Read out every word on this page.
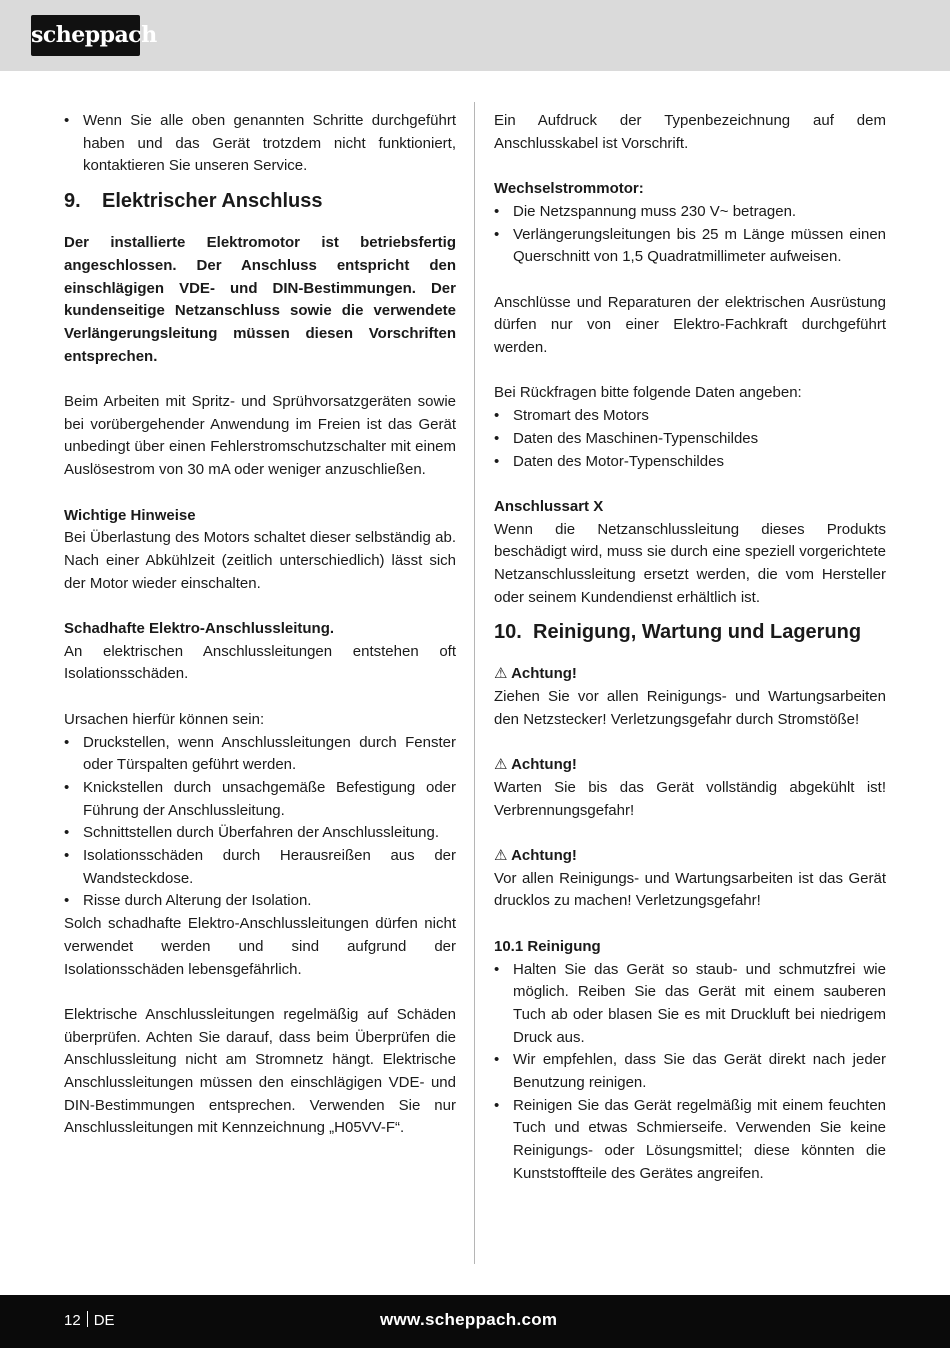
scheppach
• Wenn Sie alle oben genannten Schritte durchgeführt haben und das Gerät trotzdem nicht funktioniert, kontaktieren Sie unseren Service.
9. Elektrischer Anschluss

Der installierte Elektromotor ist betriebsfertig angeschlossen. Der Anschluss entspricht den einschlägigen VDE- und DIN-Bestimmungen. Der kundenseitige Netzanschluss sowie die verwendete Verlängerungsleitung müssen diesen Vorschriften entsprechen.

Beim Arbeiten mit Spritz- und Sprühvorsatzgeräten sowie bei vorübergehender Anwendung im Freien ist das Gerät unbedingt über einen Fehlerstromschutzschalter mit einem Auslösestrom von 30 mA oder weniger anzuschließen.

Wichtige Hinweise

Bei Überlastung des Motors schaltet dieser selbständig ab. Nach einer Abkühlzeit (zeitlich unterschiedlich) lässt sich der Motor wieder einschalten.

Schadhafte Elektro-Anschlussleitung.

An elektrischen Anschlussleitungen entstehen oft Isolationsschäden.

Ursachen hierfür können sein:

• Druckstellen, wenn Anschlussleitungen durch Fenster oder Türspalten geführt werden.
• Knickstellen durch unsachgemäße Befestigung oder Führung der Anschlussleitung.
• Schnittstellen durch Überfahren der Anschlussleitung.
• Isolationsschäden durch Herausreißen aus der Wandsteckdose.
• Risse durch Alterung der Isolation.

Solch schadhafte Elektro-Anschlussleitungen dürfen nicht verwendet werden und sind aufgrund der Isolationsschäden lebensgefährlich.

Elektrische Anschlussleitungen regelmäßig auf Schäden überprüfen. Achten Sie darauf, dass beim Überprüfen die Anschlussleitung nicht am Stromnetz hängt. Elektrische Anschlussleitungen müssen den einschlägigen VDE- und DIN-Bestimmungen entsprechen. Verwenden Sie nur Anschlussleitungen mit Kennzeichnung „H05VV-F“.

Ein Aufdruck der Typenbezeichnung auf dem Anschlusskabel ist Vorschrift.

Wechselstrommotor:

• Die Netzspannung muss 230 V~ betragen.
• Verlängerungsleitungen bis 25 m Länge müssen einen Querschnitt von 1,5 Quadratmillimeter aufweisen.

Anschlüsse und Reparaturen der elektrischen Ausrüstung dürfen nur von einer Elektro-Fachkraft durchgeführt werden.

Bei Rückfragen bitte folgende Daten angeben:

• Stromart des Motors
• Daten des Maschinen-Typenschildes
• Daten des Motor-Typenschildes

Anschlussart X

Wenn die Netzanschlussleitung dieses Produkts beschädigt wird, muss sie durch eine speziell vorgerichtete Netzanschlussleitung ersetzt werden, die vom Hersteller oder seinem Kundendienst erhältlich ist.

10. Reinigung, Wartung und Lagerung

⚠ Achtung!

Ziehen Sie vor allen Reinigungs- und Wartungsarbeiten den Netzstecker! Verletzungsgefahr durch Stromstöße!

⚠ Achtung!

Warten Sie bis das Gerät vollständig abgekühlt ist! Verbrennungsgefahr!

⚠ Achtung!

Vor allen Reinigungs- und Wartungsarbeiten ist das Gerät drucklos zu machen! Verletzungsgefahr!

10.1 Reinigung

• Halten Sie das Gerät so staub- und schmutzfrei wie möglich. Reiben Sie das Gerät mit einem sauberen Tuch ab oder blasen Sie es mit Druckluft bei niedrigem Druck aus.
• Wir empfehlen, dass Sie das Gerät direkt nach jeder Benutzung reinigen.
• Reinigen Sie das Gerät regelmäßig mit einem feuchten Tuch und etwas Schmierseife. Verwenden Sie keine Reinigungs- oder Lösungsmittel; diese könnten die Kunststoffteile des Gerätes angreifen.
12 DE	www.scheppach.com
